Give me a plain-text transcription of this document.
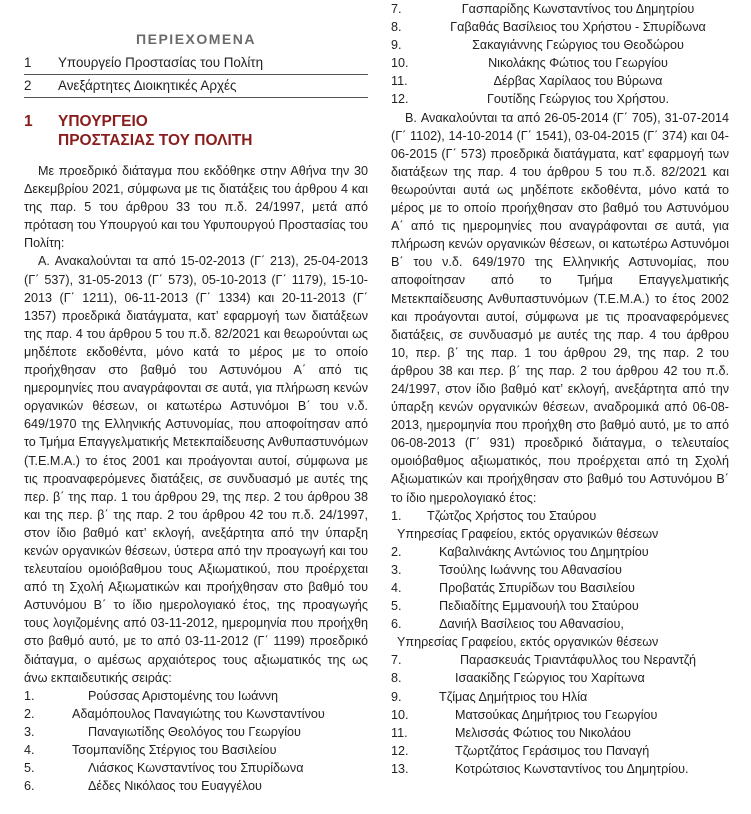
ΠΕΡΙΕΧΟΜΕΝΑ
1	Υπουργείο Προστασίας του Πολίτη
2	Ανεξάρτητες Διοικητικές Αρχές
1	ΥΠΟΥΡΓΕΙΟ
ΠΡΟΣΤΑΣΙΑΣ ΤΟΥ ΠΟΛΙΤΗ
Με προεδρικό διάταγμα που εκδόθηκε στην Αθήνα την 30 Δεκεμβρίου 2021, σύμφωνα με τις διατάξεις του άρθρου 4 και της παρ. 5 του άρθρου 33 του π.δ. 24/1997, μετά από πρόταση του Υπουργού και του Υφυπουργού Προστασίας του Πολίτη:
A. Ανακαλούνται τα από 15-02-2013 (Γ΄ 213), 25-04-2013 (Γ΄ 537), 31-05-2013 (Γ΄ 573), 05-10-2013 (Γ΄ 1179), 15-10-2013 (Γ΄ 1211), 06-11-2013 (Γ΄ 1334) και 20-11-2013 (Γ΄ 1357) προεδρικά διατάγματα, κατ’ εφαρμογή των διατάξεων της παρ. 4 του άρθρου 5 του π.δ. 82/2021 και θεωρούνται ως μηδέποτε εκδοθέντα, μόνο κατά το μέρος με το οποίο προήχθησαν στο βαθμό του Αστυνόμου Α΄ από τις ημερομηνίες που αναγράφονται σε αυτά, για πλήρωση κενών οργανικών θέσεων, οι κατωτέρω Αστυνόμοι Β΄ του ν.δ. 649/1970 της Ελληνικής Αστυνομίας, που αποφοίτησαν από το Τμήμα Επαγγελματικής Μετεκπαίδευσης Ανθυπαστυνόμων (Τ.Ε.Μ.Α.) το έτος 2001 και προάγονται αυτοί, σύμφωνα με τις προαναφερόμενες διατάξεις, σε συνδυασμό με αυτές της περ. β΄ της παρ. 1 του άρθρου 29, της περ. 2 του άρθρου 38 και της περ. β΄ της παρ. 2 του άρθρου 42 του π.δ. 24/1997, στον ίδιο βαθμό κατ’ εκλογή, ανεξάρτητα από την ύπαρξη κενών οργανικών θέσεων, ύστερα από την προαγωγή και του τελευταίου ομοιόβαθμου τους Αξιωματικού, που προέρχεται από τη Σχολή Αξιωματικών και προήχθησαν στο βαθμό του Αστυνόμου Β΄ το ίδιο ημερολογιακό έτος, της προαγωγής τους λογιζομένης από 03-11-2012, ημερομηνία που προήχθη στο βαθμό αυτό, με το από 03-11-2012 (Γ΄ 1199) προεδρικό διάταγμα, ο αμέσως αρχαιότερος τους αξιωματικός της ως άνω εκπαιδευτικής σειράς:
1.	Ρούσσας Αριστομένης του Ιωάννη
2.	Αδαμόπουλος Παναγιώτης του Κωνσταντίνου
3.	Παναγιωτίδης Θεολόγος του Γεωργίου
4.	Τσομπανίδης Στέργιος του Βασιλείου
5.	Λιάσκος Κωνσταντίνος του Σπυρίδωνα
6.	Δέδες Νικόλαος του Ευαγγέλου
7.	Γασπαρίδης Κωνσταντίνος του Δημητρίου
8.	Γαβαθάς Βασίλειος του Χρήστου - Σπυρίδωνα
9.	Σακαγιάννης Γεώργιος του Θεοδώρου
10.	Νικολάκης Φώτιος του Γεωργίου
11.	Δέρβας Χαρίλαος του Βύρωνα
12.	Γουτίδης Γεώργιος του Χρήστου.
B. Ανακαλούνται τα από 26-05-2014 (Γ΄ 705), 31-07-2014 (Γ΄ 1102), 14-10-2014 (Γ΄ 1541), 03-04-2015 (Γ΄ 374) και 04-06-2015 (Γ΄ 573) προεδρικά διατάγματα, κατ’ εφαρμογή των διατάξεων της παρ. 4 του άρθρου 5 του π.δ. 82/2021 και θεωρούνται αυτά ως μηδέποτε εκδοθέντα, μόνο κατά το μέρος με το οποίο προήχθησαν στο βαθμό του Αστυνόμου Α΄ από τις ημερομηνίες που αναγράφονται σε αυτά, για πλήρωση κενών οργανικών θέσεων, οι κατωτέρω Αστυνόμοι Β΄ του ν.δ. 649/1970 της Ελληνικής Αστυνομίας, που αποφοίτησαν από το Τμήμα Επαγγελματικής Μετεκπαίδευσης Ανθυπαστυνόμων (Τ.Ε.Μ.Α.) το έτος 2002 και προάγονται αυτοί, σύμφωνα με τις προαναφερόμενες διατάξεις, σε συνδυασμό με αυτές της παρ. 4 του άρθρου 10, περ. β΄ της παρ. 1 του άρθρου 29, της παρ. 2 του άρθρου 38 και περ. β΄ της παρ. 2 του άρθρου 42 του π.δ. 24/1997, στον ίδιο βαθμό κατ’ εκλογή, ανεξάρτητα από την ύπαρξη κενών οργανικών θέσεων, αναδρομικά από 06-08-2013, ημερομηνία που προήχθη στο βαθμό αυτό, με το από 06-08-2013 (Γ΄ 931) προεδρικό διάταγμα, ο τελευταίος ομοιόβαθμος αξιωματικός, που προέρχεται από τη Σχολή Αξιωματικών και προήχθησαν στο βαθμό του Αστυνόμου Β΄ το ίδιο ημερολογιακό έτος:
1.	Τζώτζος Χρήστος του Σταύρου
Υπηρεσίας Γραφείου, εκτός οργανικών θέσεων
2.	Καβαλινάκης Αντώνιος του Δημητρίου
3.	Τσούλης Ιωάννης του Αθανασίου
4.	Προβατάς Σπυρίδων του Βασιλείου
5.	Πεδιαδίτης Εμμανουήλ του Σταύρου
6.	Δανιήλ Βασίλειος του Αθανασίου,
Υπηρεσίας Γραφείου, εκτός οργανικών θέσεων
7.	Παρασκευάς Τριαντάφυλλος του Νεραντζή
8.	Ισαακίδης Γεώργιος του Χαρίτωνα
9.	Τζίμας Δημήτριος του Ηλία
10.	Ματσούκας Δημήτριος του Γεωργίου
11.	Μελισσάς Φώτιος του Νικολάου
12.	Τζωρτζάτος Γεράσιμος του Παναγή
13.	Κοτρώτσιος Κωνσταντίνος του Δημητρίου.
